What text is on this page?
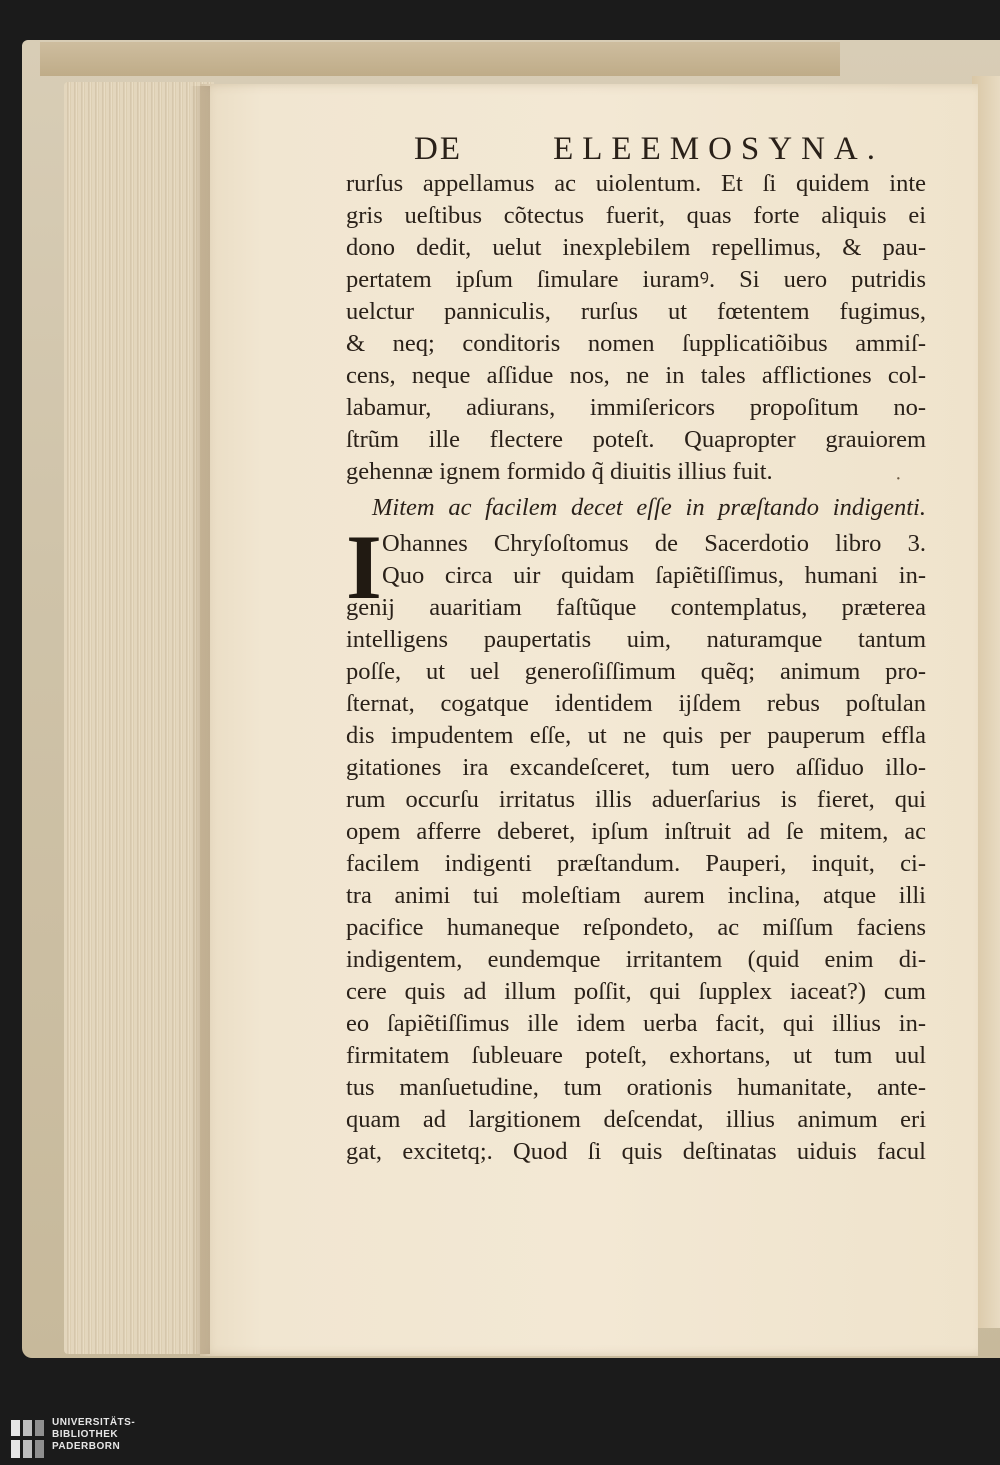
DE	ELEEMOSYNA.
rurſus appellamus ac uiolentum. Et ſi quidem inte
gris ueſtibus cõtectus fuerit, quas forte aliquis ei
dono dedit, uelut inexplebilem repellimus, & pau-
pertatem ipſum ſimulare iuramꝰ. Si uero putridis
uelctur panniculis, rurſus ut fœtentem fugimus,
& neq; conditoris nomen ſupplicatiõibus ammiſ-
cens, neque aſſidue nos, ne in tales afflictiones col-
labamur, adiurans, immiſericors propoſitum no-
ſtrũm ille flectere poteſt. Quapropter grauiorem
gehennæ ignem formido q̃ diuitis illius fuit.
Mitem ac facilem decet eſſe in præſtando indigenti.
I Ohannes Chryſoſtomus de Sacerdotio libro 3.
Quo circa uir quidam ſapiẽtiſſimus, humani in-
genij auaritiam faſtũque contemplatus, præterea
intelligens paupertatis uim, naturamque tantum
poſſe, ut uel generoſiſſimum quẽq; animum pro-
ſternat, cogatque identidem ijſdem rebus poſtulan
dis impudentem eſſe, ut ne quis per pauperum effla
gitationes ira excandeſceret, tum uero aſſiduo illo-
rum occurſu irritatus illis aduerſarius is fieret, qui
opem afferre deberet, ipſum inſtruit ad ſe mitem, ac
facilem indigenti præſtandum. Pauperi, inquit, ci-
tra animi tui moleſtiam aurem inclina, atque illi
pacifice humaneque reſpondeto, ac miſſum faciens
indigentem, eundemque irritantem (quid enim di-
cere quis ad illum poſſit, qui ſupplex iaceat?) cum
eo ſapiẽtiſſimus ille idem uerba facit, qui illius in-
firmitatem ſubleuare poteſt, exhortans, ut tum uul
tus manſuetudine, tum orationis humanitate, ante-
quam ad largitionem deſcendat, illius animum eri
gat, excitetq;. Quod ſi quis deſtinatas uiduis facul
·
UNIVERSITÄTS-
BIBLIOTHEK
PADERBORN
